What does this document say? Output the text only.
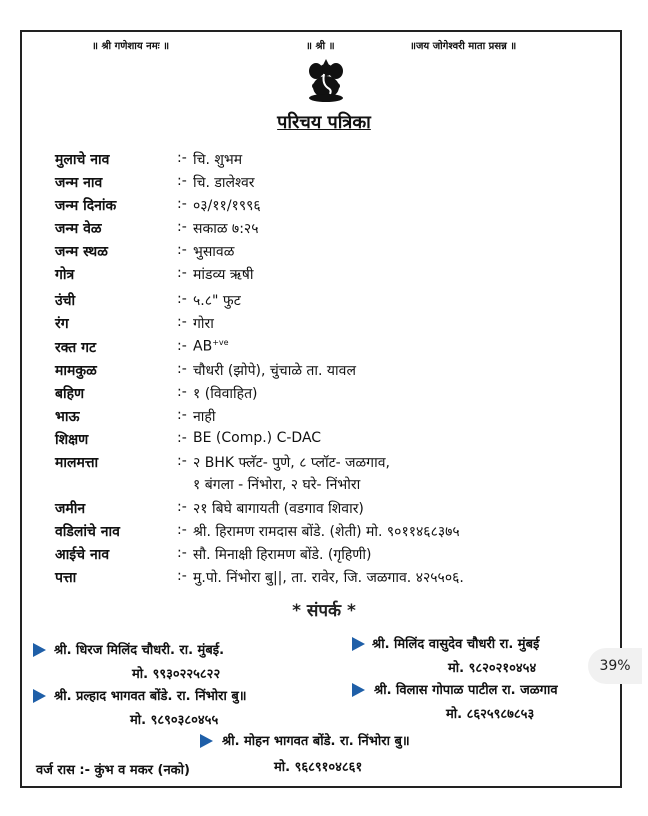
॥ श्री गणेशाय नमः ॥	॥ श्री ॥	॥जय जोगेश्वरी माता प्रसन्न ॥
परिचय पत्रिका
मुलाचे नाव	:- चि. शुभम
जन्म नाव	:- चि. डालेश्वर
जन्म दिनांक	:- ०३/११/१९९६
जन्म वेळ	:- सकाळ ७:२५
जन्म स्थळ	:- भुसावळ
गोत्र	:- मांडव्य ऋषी
उंची	:- ५.८" फुट
रंग	:- गोरा
रक्त गट	:- $AB^{+ve}$
मामकुळ	:- चौधरी (झोपे), चुंचाळे ता. यावल
बहिण	:- १ (विवाहित)
भाऊ	:- नाही
शिक्षण	:- BE (Comp.) C-DAC
मालमत्ता	:- २ BHK फ्लॅट- पुणे, ८ प्लॉट- जळगाव,
१ बंगला - निंभोरा, २ घरे- निंभोरा
जमीन	:- २१ बिघे बागायती (वडगाव शिवार)
वडिलांचे नाव	:- श्री. हिरामण रामदास बोंडे. (शेती) मो. ९०११४६८३७५
आईचे नाव	:- सौ. मिनाक्षी हिरामण बोंडे. (गृहिणी)
पत्ता	:- मु.पो. निंभोरा बु||, ता. रावेर, जि. जळगाव. ४२५५०६.
* संपर्क *
श्री. धिरज मिलिंद चौधरी. रा. मुंबई.
मो. ९९३०२२५८२२
श्री. मिलिंद वासुदेव चौधरी रा. मुंबई
मो. ९८२०२१०४५४
श्री. प्रल्हाद भागवत बोंडे. रा. निंभोरा बु॥
मो. ९८९०३८०४५५
श्री. विलास गोपाळ पाटील रा. जळगाव
मो. ८६२५९८७८५३
श्री. मोहन भागवत बोंडे. रा. निंभोरा बु॥
मो. ९६८९१०४८६१
वर्ज रास :- कुंभ व मकर (नको)
39%
